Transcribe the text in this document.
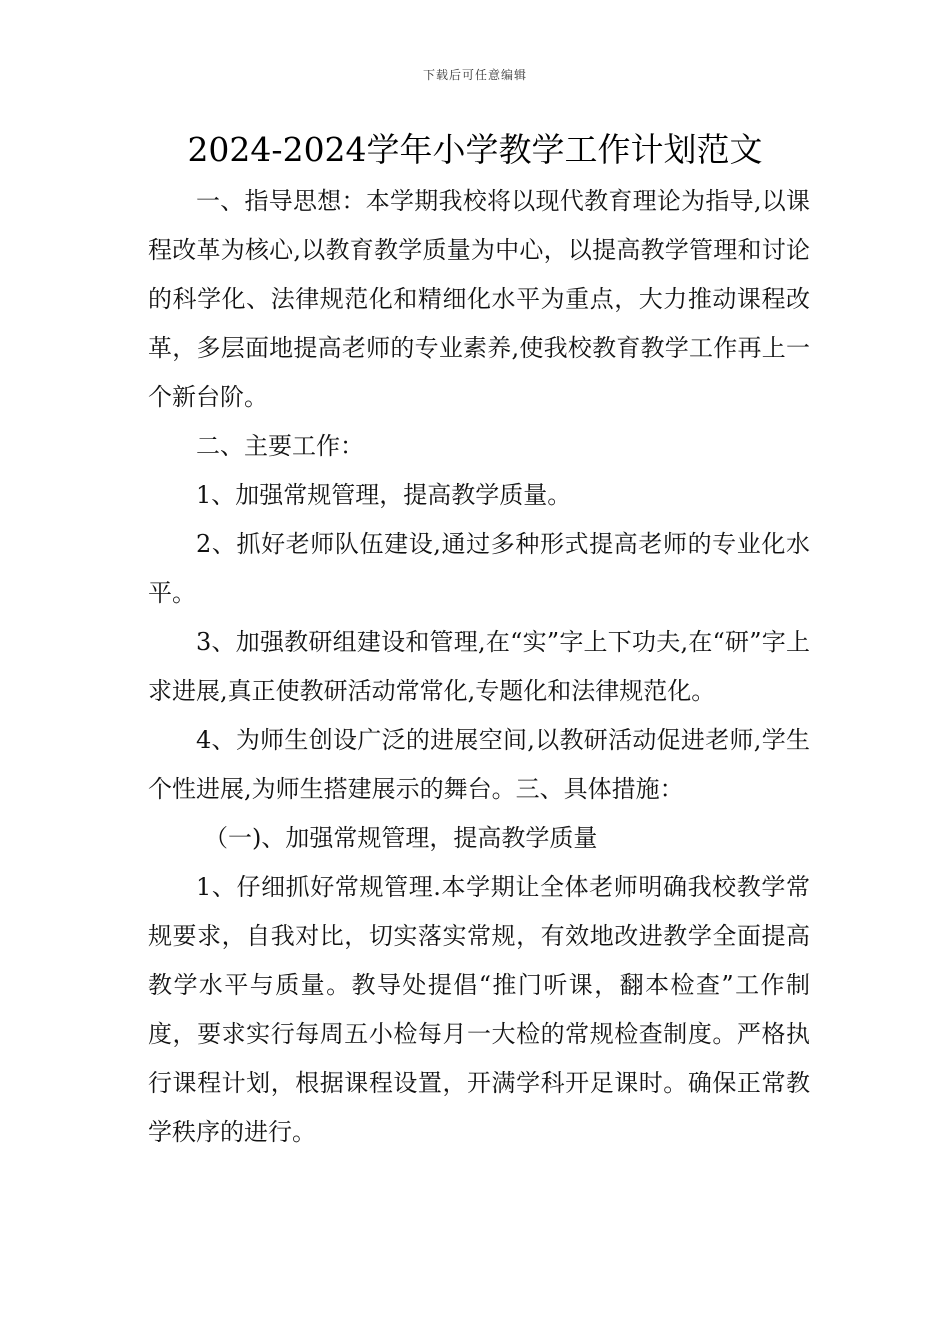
下载后可任意编辑
2024-2024学年小学教学工作计划范文

一、指导思想：本学期我校将以现代教育理论为指导,以课程改革为核心,以教育教学质量为中心，以提高教学管理和讨论的科学化、法律规范化和精细化水平为重点，大力推动课程改革，多层面地提高老师的专业素养,使我校教育教学工作再上一个新台阶。

二、主要工作：

1、加强常规管理，提高教学质量。

2、抓好老师队伍建设,通过多种形式提高老师的专业化水平。

3、加强教研组建设和管理,在“实”字上下功夫,在“研”字上求进展,真正使教研活动常常化,专题化和法律规范化。

4、为师生创设广泛的进展空间,以教研活动促进老师,学生个性进展,为师生搭建展示的舞台。三、具体措施：

（一)、加强常规管理，提高教学质量

1、仔细抓好常规管理.本学期让全体老师明确我校教学常规要求，自我对比，切实落实常规，有效地改进教学全面提高教学水平与质量。教导处提倡“推门听课，翻本检查”工作制度，要求实行每周五小检每月一大检的常规检查制度。严格执行课程计划，根据课程设置，开满学科开足课时。确保正常教学秩序的进行。
